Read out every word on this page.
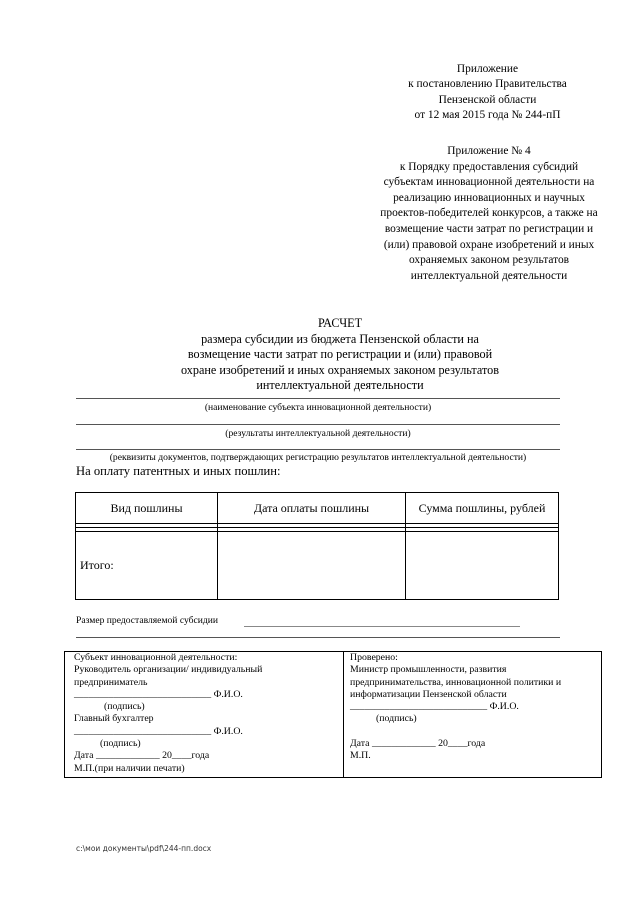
Приложение
к постановлению Правительства
Пензенской области
от 12 мая 2015 года № 244-пП
Приложение № 4
к Порядку предоставления субсидий
субъектам инновационной деятельности на
реализацию инновационных и научных
проектов-победителей конкурсов, а также на
возмещение части затрат по регистрации и
(или) правовой охране изобретений и иных
охраняемых законом результатов
интеллектуальной деятельности
РАСЧЕТ
размера субсидии из бюджета Пензенской области на
возмещение части затрат по регистрации и (или) правовой
охране изобретений и иных охраняемых законом результатов
интеллектуальной деятельности
(наименование субъекта инновационной деятельности)
(результаты интеллектуальной деятельности)
(реквизиты документов, подтверждающих регистрацию результатов интеллектуальной деятельности)
На оплату патентных и иных пошлин:
Вид пошлины	Дата оплаты пошлины	Сумма пошлины, рублей

Итого:		
Размер предоставляемой субсидии
Субъект инновационной деятельности:
Руководитель организации/ индивидуальный
предприниматель
____________________________ Ф.И.О.
(подпись)
Главный бухгалтер
____________________________ Ф.И.О.
(подпись)
Дата _____________ 20____года
М.П.(при наличии печати)
Проверено:
Министр промышленности, развития
предпринимательства, инновационной политики и
информатизации Пензенской области
____________________________ Ф.И.О.
(подпись)
Дата _____________ 20____года
М.П.
c:\мои документы\pdf\244-пп.docx
